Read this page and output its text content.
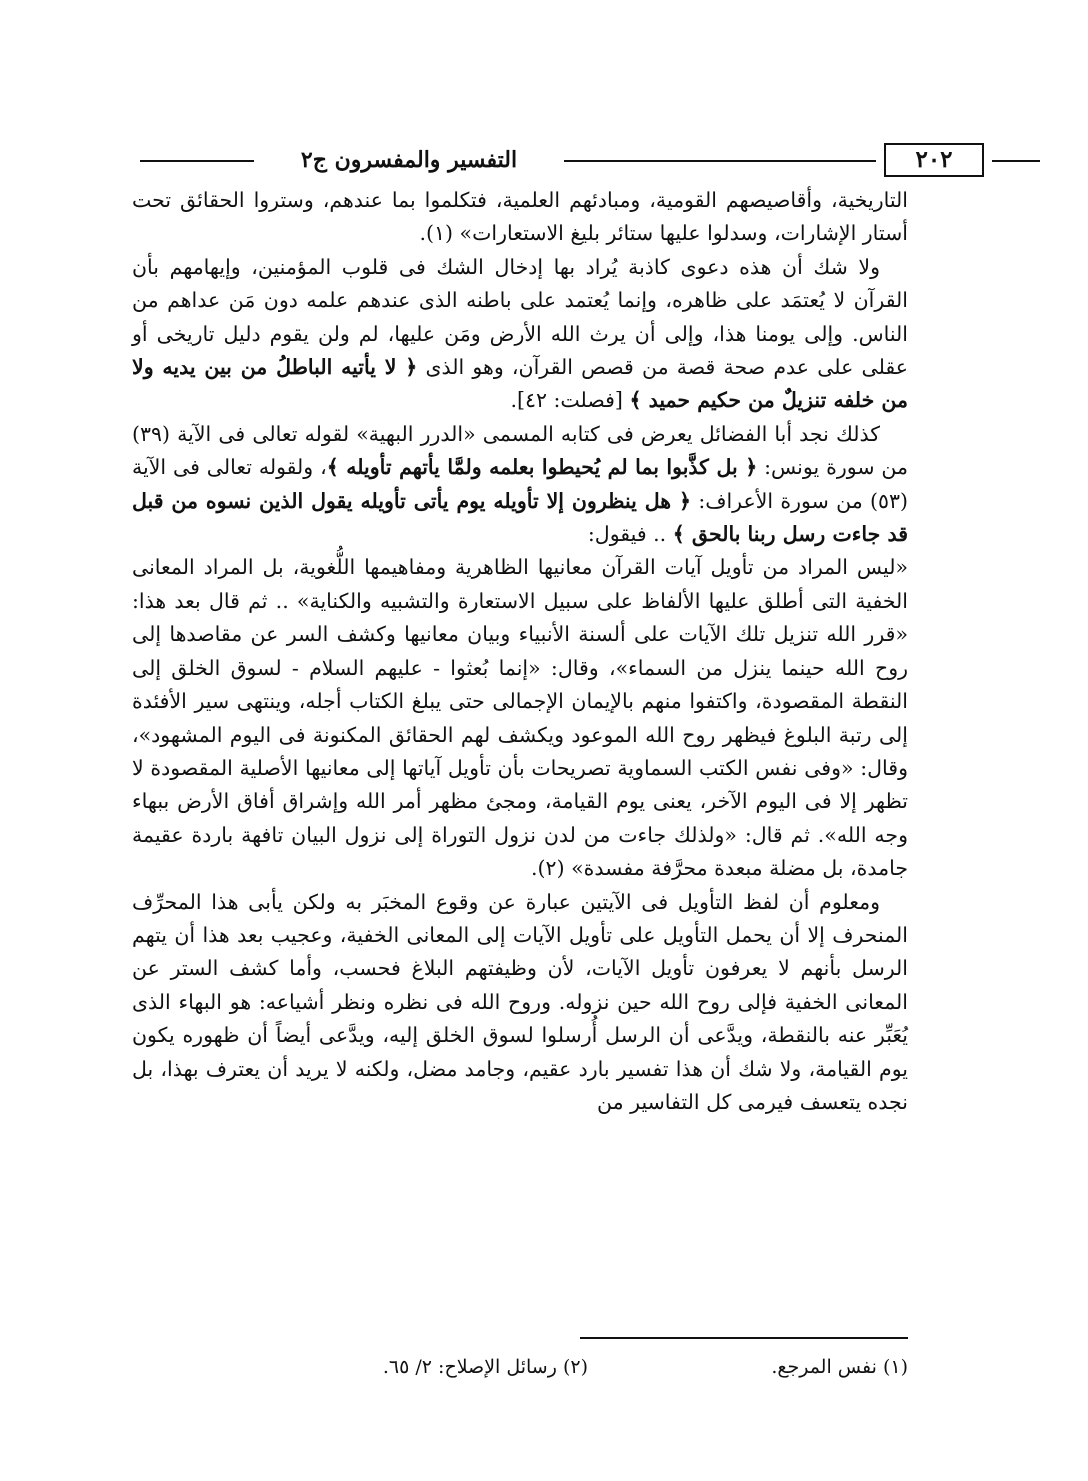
التفسير والمفسرون ج٢	٢٠٢

التاريخية، وأقاصيصهم القومية، ومبادئهم العلمية، فتكلموا بما عندهم، وستروا الحقائق تحت أستار الإشارات، وسدلوا عليها ستائر بليغ الاستعارات» (١).

ولا شك أن هذه دعوى كاذبة يُراد بها إدخال الشك فى قلوب المؤمنين، وإيهامهم بأن القرآن لا يُعتمَد على ظاهره، وإنما يُعتمد على باطنه الذى عندهم علمه دون مَن عداهم من الناس. وإلى يومنا هذا، وإلى أن يرث الله الأرض ومَن عليها، لم ولن يقوم دليل تاريخى أو عقلى على عدم صحة قصة من قصص القرآن، وهو الذى ﴿ لا يأتيه الباطلُ من بين يديه ولا من خلفه تنزيلٌ من حكيم حميد ﴾ [فصلت: ٤٢].

كذلك نجد أبا الفضائل يعرض فى كتابه المسمى «الدرر البهية» لقوله تعالى فى الآية (٣٩) من سورة يونس: ﴿ بل كذَّبوا بما لم يُحيطوا بعلمه ولمَّا يأتهم تأويله ﴾، ولقوله تعالى فى الآية (٥٣) من سورة الأعراف: ﴿ هل ينظرون إلا تأويله يوم يأتى تأويله يقول الذين نسوه من قبل قد جاءت رسل ربنا بالحق ﴾ .. فيقول:

«ليس المراد من تأويل آيات القرآن معانيها الظاهرية ومفاهيمها اللُّغوية، بل المراد المعانى الخفية التى أطلق عليها الألفاظ على سبيل الاستعارة والتشبيه والكناية» .. ثم قال بعد هذا: «قرر الله تنزيل تلك الآيات على ألسنة الأنبياء وبيان معانيها وكشف السر عن مقاصدها إلى روح الله حينما ينزل من السماء»، وقال: «إنما بُعثوا - عليهم السلام - لسوق الخلق إلى النقطة المقصودة، واكتفوا منهم بالإيمان الإجمالى حتى يبلغ الكتاب أجله، وينتهى سير الأفئدة إلى رتبة البلوغ فيظهر روح الله الموعود ويكشف لهم الحقائق المكنونة فى اليوم المشهود»، وقال: «وفى نفس الكتب السماوية تصريحات بأن تأويل آياتها إلى معانيها الأصلية المقصودة لا تظهر إلا فى اليوم الآخر، يعنى يوم القيامة، ومجئ مظهر أمر الله وإشراق أفاق الأرض ببهاء وجه الله». ثم قال: «ولذلك جاءت من لدن نزول التوراة إلى نزول البيان تافهة باردة عقيمة جامدة، بل مضلة مبعدة محرَّفة مفسدة» (٢).

ومعلوم أن لفظ التأويل فى الآيتين عبارة عن وقوع المخبَر به ولكن يأبى هذا المحرِّف المنحرف إلا أن يحمل التأويل على تأويل الآيات إلى المعانى الخفية، وعجيب بعد هذا أن يتهم الرسل بأنهم لا يعرفون تأويل الآيات، لأن وظيفتهم البلاغ فحسب، وأما كشف الستر عن المعانى الخفية فإلى روح الله حين نزوله. وروح الله فى نظره ونظر أشياعه: هو البهاء الذى يُعَبِّر عنه بالنقطة، ويدَّعى أن الرسل أُرسلوا لسوق الخلق إليه، ويدَّعى أيضاً أن ظهوره يكون يوم القيامة، ولا شك أن هذا تفسير بارد عقيم، وجامد مضل، ولكنه لا يريد أن يعترف بهذا، بل نجده يتعسف فيرمى كل التفاسير من

(١) نفس المرجع.
(٢) رسائل الإصلاح: ٢/ ٦٥.
